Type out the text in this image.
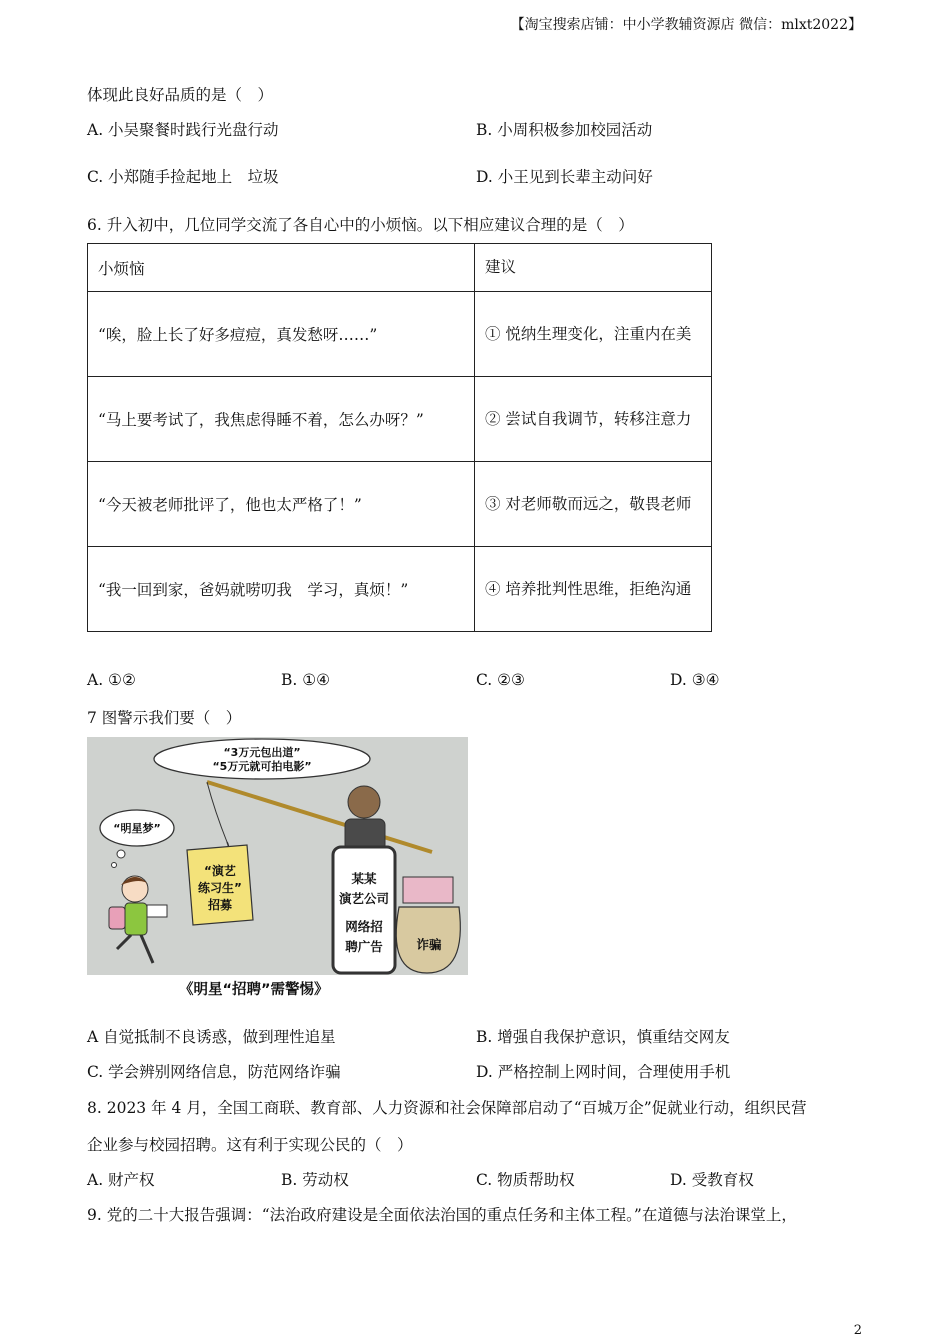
【淘宝搜索店铺：中小学教辅资源店 微信：mlxt2022】
体现此良好品质的是（　）
A. 小吴聚餐时践行光盘行动	B. 小周积极参加校园活动
C. 小郑随手捡起地上　垃圾	D. 小王见到长辈主动问好
6. 升入初中，几位同学交流了各自心中的小烦恼。以下相应建议合理的是（　）
小烦恼	建议
“唉，脸上长了好多痘痘，真发愁呀……”	① 悦纳生理变化，注重内在美
“马上要考试了，我焦虑得睡不着，怎么办呀？”	② 尝试自我调节，转移注意力
“今天被老师批评了，他也太严格了！”	③ 对老师敬而远之，敬畏老师
“我一回到家，爸妈就唠叨我　学习，真烦！”	④ 培养批判性思维，拒绝沟通
A. ①②	B. ①④	C. ②③	D. ③④
7 图警示我们要（　）
“3万元包出道”
“5万元就可拍电影”
“明星梦”
“演艺
练习生”
招募
某某
演艺公司
网络招
聘广告	诈骗
《明星“招聘”需警惕》
A 自觉抵制不良诱惑，做到理性追星	B. 增强自我保护意识，慎重结交网友
C. 学会辨别网络信息，防范网络诈骗	D. 严格控制上网时间，合理使用手机
8. 2023 年 4 月，全国工商联、教育部、人力资源和社会保障部启动了“百城万企”促就业行动，组织民营
企业参与校园招聘。这有利于实现公民的（　）
A. 财产权	B. 劳动权	C. 物质帮助权	D. 受教育权
9. 党的二十大报告强调：“法治政府建设是全面依法治国的重点任务和主体工程。”在道德与法治课堂上，
2
